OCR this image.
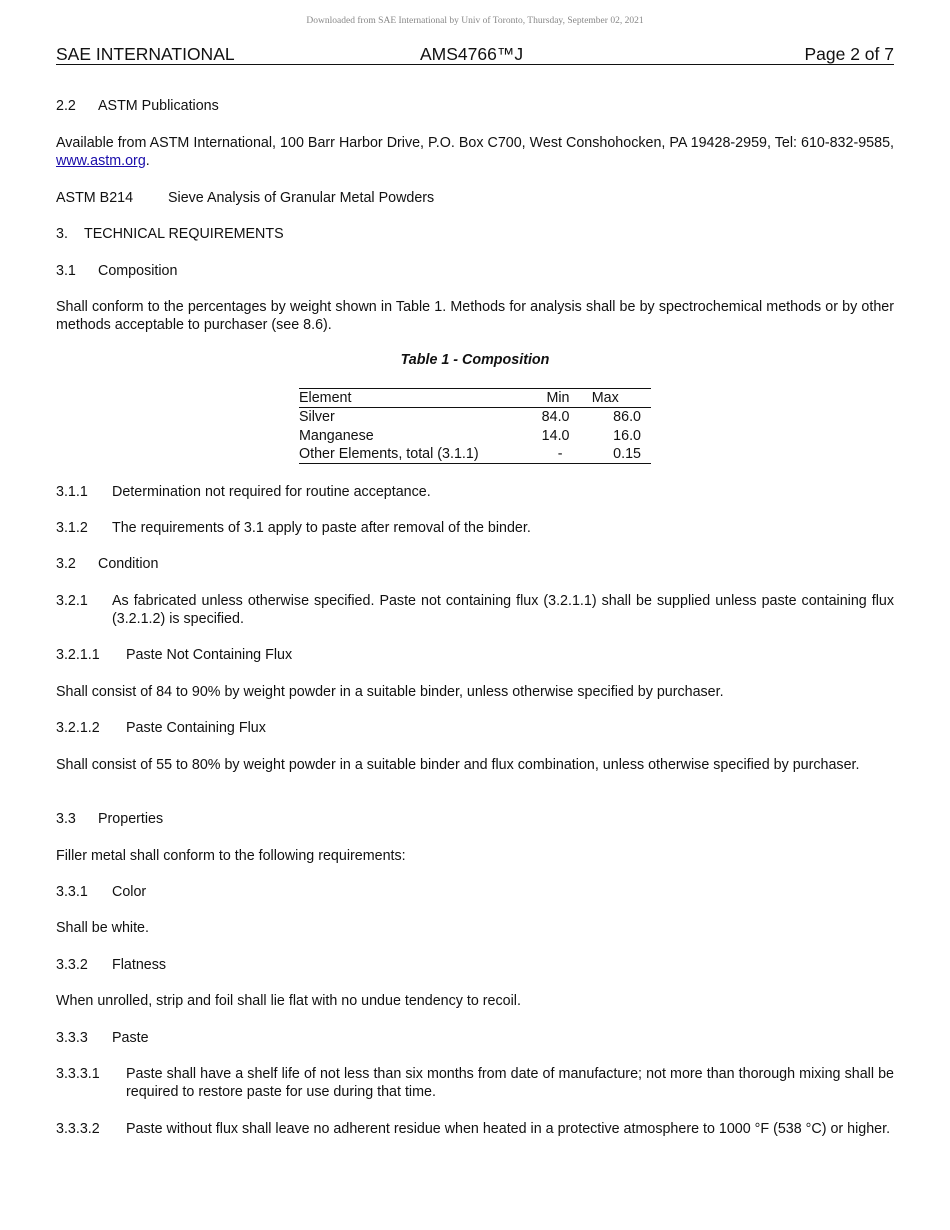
Downloaded from SAE International by Univ of Toronto, Thursday, September 02, 2021
SAE INTERNATIONAL	AMS4766™J	Page 2 of 7
2.2 ASTM Publications
Available from ASTM International, 100 Barr Harbor Drive, P.O. Box C700, West Conshohocken, PA 19428-2959, Tel: 610-832-9585, www.astm.org.
ASTM B214 Sieve Analysis of Granular Metal Powders
3. TECHNICAL REQUIREMENTS
3.1 Composition
Shall conform to the percentages by weight shown in Table 1. Methods for analysis shall be by spectrochemical methods or by other methods acceptable to purchaser (see 8.6).
Table 1 - Composition
Element	Min	Max
Silver	84.0	86.0
Manganese	14.0	16.0
Other Elements, total (3.1.1)	-	0.15
3.1.1 Determination not required for routine acceptance.
3.1.2 The requirements of 3.1 apply to paste after removal of the binder.
3.2 Condition
3.2.1 As fabricated unless otherwise specified. Paste not containing flux (3.2.1.1) shall be supplied unless paste containing flux (3.2.1.2) is specified.
3.2.1.1 Paste Not Containing Flux
Shall consist of 84 to 90% by weight powder in a suitable binder, unless otherwise specified by purchaser.
3.2.1.2 Paste Containing Flux
Shall consist of 55 to 80% by weight powder in a suitable binder and flux combination, unless otherwise specified by purchaser.
3.3 Properties
Filler metal shall conform to the following requirements:
3.3.1 Color
Shall be white.
3.3.2 Flatness
When unrolled, strip and foil shall lie flat with no undue tendency to recoil.
3.3.3 Paste
3.3.3.1 Paste shall have a shelf life of not less than six months from date of manufacture; not more than thorough mixing shall be required to restore paste for use during that time.
3.3.3.2 Paste without flux shall leave no adherent residue when heated in a protective atmosphere to 1000 °F (538 °C) or higher.
